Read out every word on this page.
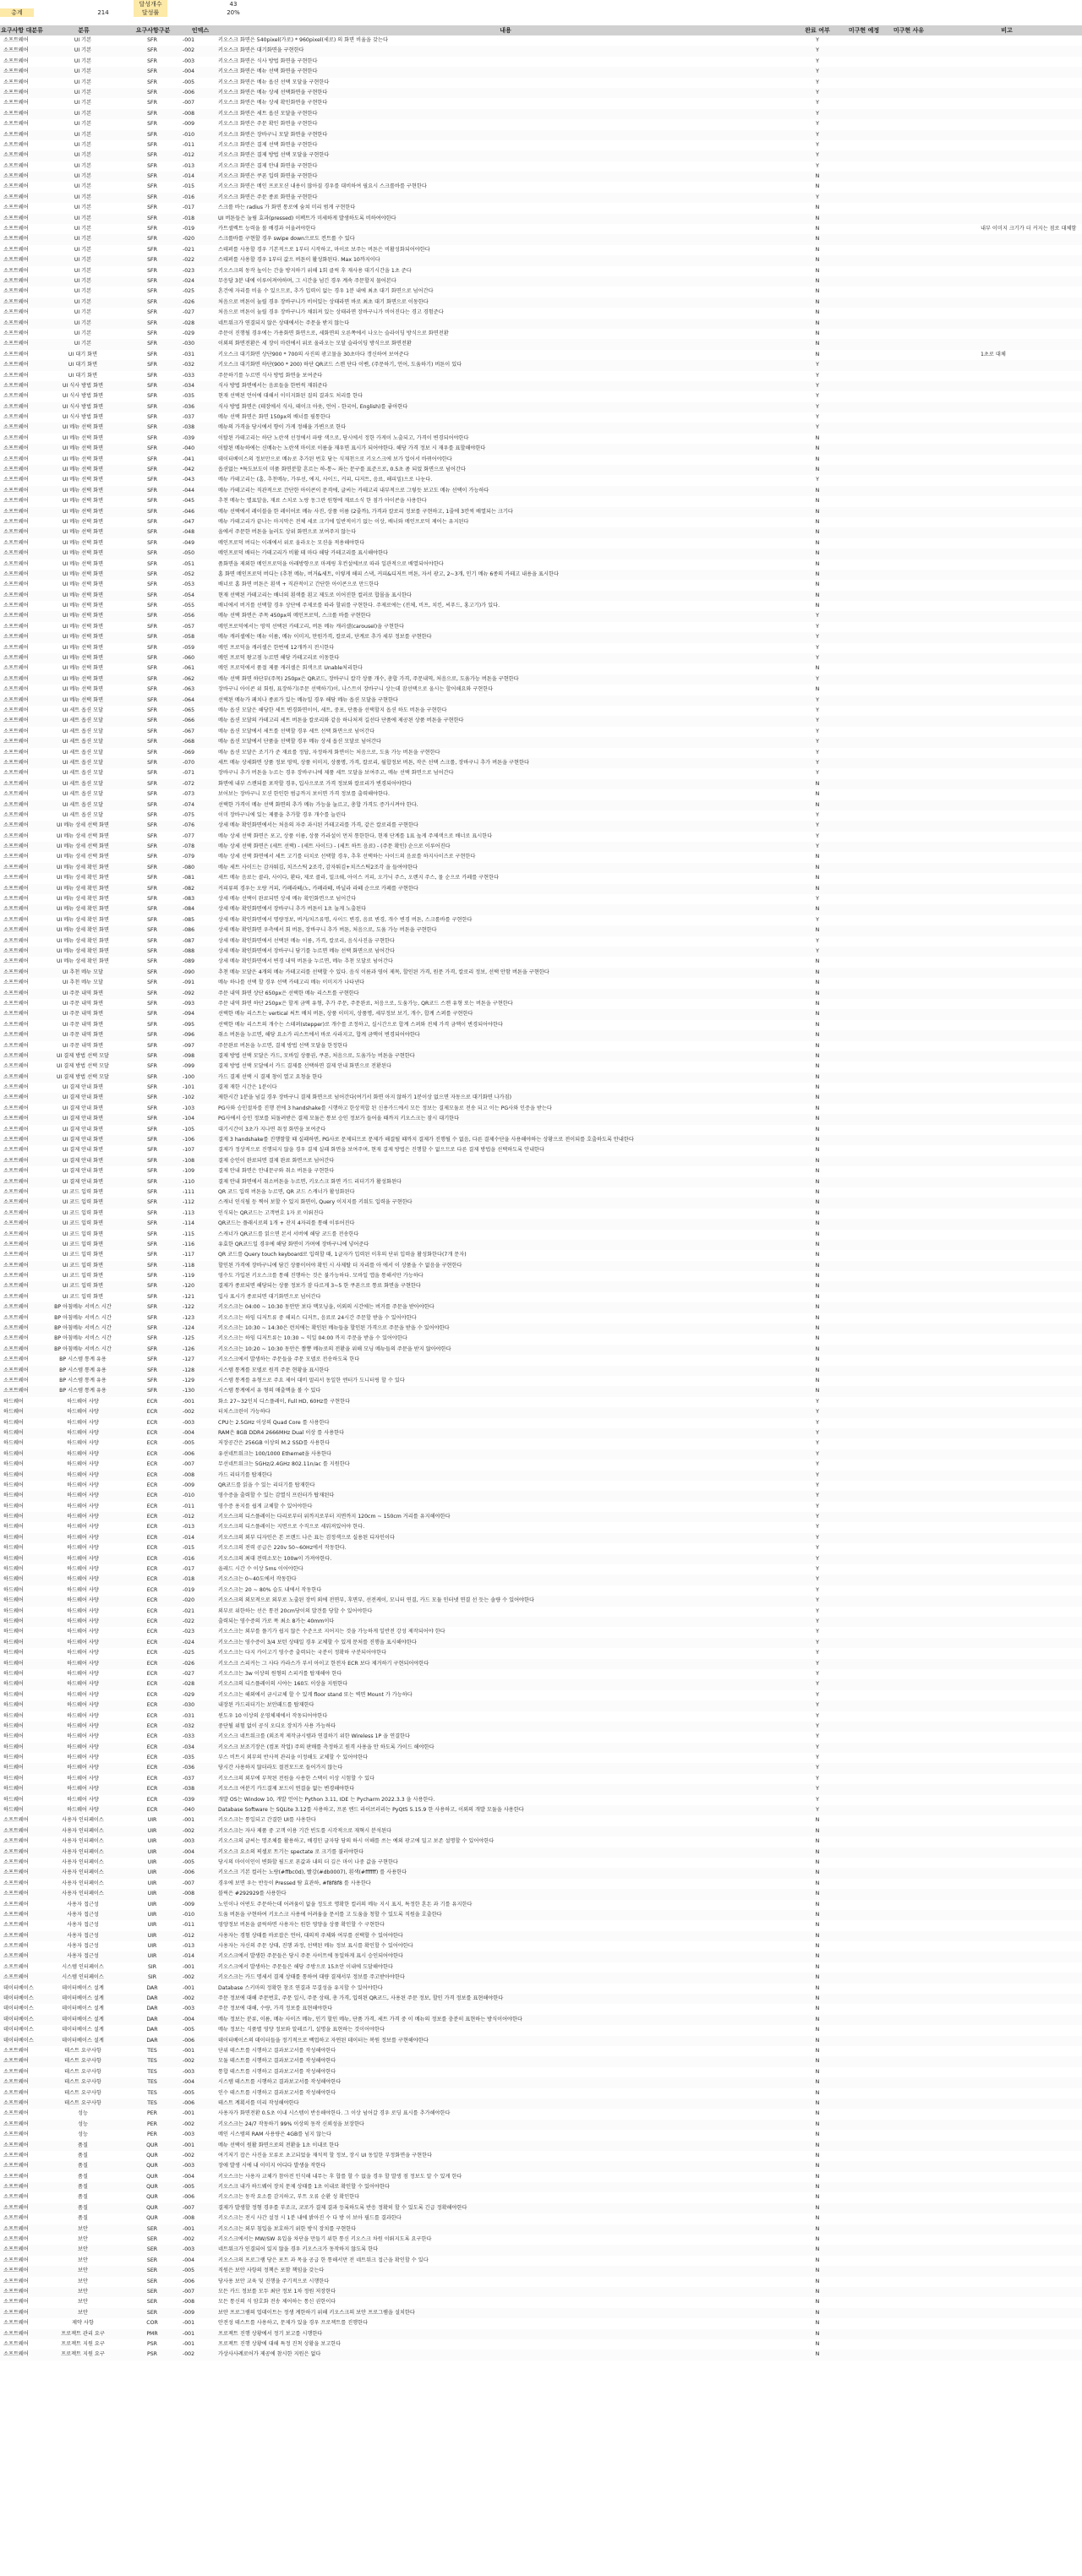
총계	214
달성개수	43
달성률	20%
요구사항 대분류	분류	요구사항구분	인덱스	내용	완료 여부	미구현 예정	미구현 사유	비고
소프트웨어	UI 기본	SFR	-001	키오스크 화면은 540pixel(가로) * 960pixel(세로) 의 화면 비율을 갖는다	Y
소프트웨어	UI 기본	SFR	-002	키오스크 화면은 대기화면을 구현한다	Y
소프트웨어	UI 기본	SFR	-003	키오스크 화면은 식사 방법 화면을 구현한다	Y
소프트웨어	UI 기본	SFR	-004	키오스크 화면은 메뉴 선택 화면을 구현한다	Y
소프트웨어	UI 기본	SFR	-005	키오스크 화면은 메뉴 옵션 선택 모달을 구현한다	Y
소프트웨어	UI 기본	SFR	-006	키오스크 화면은 메뉴 상세 선택화면을 구현한다	Y
소프트웨어	UI 기본	SFR	-007	키오스크 화면은 메뉴 상세 확인화면을 구현한다	Y
소프트웨어	UI 기본	SFR	-008	키오스크 화면은 세트 옵션 모달을 구현한다	Y
소프트웨어	UI 기본	SFR	-009	키오스크 화면은 주문 확인 화면을 구현한다	Y
소프트웨어	UI 기본	SFR	-010	키오스크 화면은 장바구니 모달 화면을 구현한다	Y
소프트웨어	UI 기본	SFR	-011	키오스크 화면은 결제 선택 화면을 구현한다	Y
소프트웨어	UI 기본	SFR	-012	키오스크 화면은 결제 방법 선택 모달을 구현한다	Y
소프트웨어	UI 기본	SFR	-013	키오스크 화면은 결제 안내 화면을 구현한다	Y
소프트웨어	UI 기본	SFR	-014	키오스크 화면은 쿠폰 입력 화면을 구현한다	N
소프트웨어	UI 기본	SFR	-015	키오스크 화면은 메인 프로모션 내용이 많아질 경우를 대비하여 필요시 스크롤바를 구현한다	N
소프트웨어	UI 기본	SFR	-016	키오스크 화면은 주문 종료 화면을 구현한다	Y
소프트웨어	UI 기본	SFR	-017	스크롤 바는 radius 가 화면 통로에 숨쳐 미리 범게 구현한다	N
소프트웨어	UI 기본	SFR	-018	UI 버튼들은 눌림 효과(pressed) 이펙트가 미세하게 발생하도록 비하여야한다	N
소프트웨어	UI 기본	SFR	-019	카트셀렉트 능력을 볼 배경과 어울려야한다	N	내부 이미지 크기가 더 커지는 점로 대체함
소프트웨어	UI 기본	SFR	-020	스크롤바를 구현할 경우 swipe down으로도 컨트롤 수 있다	N
소프트웨어	UI 기본	SFR	-021	스테퍼를 사용할 경우 기본적으로 1부터 시작하고, 마이로 보주는 버튼은 비활성화되어야한다	N
소프트웨어	UI 기본	SFR	-022	스테퍼를 사용할 경우 1부터 값으 버튼이 활성화된다. Max 10까지이다	N
소프트웨어	UI 기본	SFR	-023	키오스크의 동작 높이는 간을 방지하기 위해 1회 클릭 후 재사용 대기시간을 1초 준다	N
소프트웨어	UI 기본	SFR	-024	무응답 3분 내에 이루어져야하며, 그 시간을 넘긴 경우 계속 주문할지 물어본다	N
소프트웨어	UI 기본	SFR	-025	혼건에 자리를 비울 수 있으므로, 추가 입력이 없는 경우 1분 내에 최초 대기 화면으로 넘어간다	N
소프트웨어	UI 기본	SFR	-026	처음으로 버튼이 눌릴 경우 장바구니가 비어있는 상태라면 바로 최초 대기 화면으로 이동한다	N
소프트웨어	UI 기본	SFR	-027	처음으로 버튼이 눌릴 경우 장바구니가 채워져 있는 상태라면 장바구니가 비어진다는 경고 경험준다	N
소프트웨어	UI 기본	SFR	-028	네트워크가 연결되지 않은 상태에서는 주문을 받지 않는다	N
소프트웨어	UI 기본	SFR	-029	주문이 진행될 경우에는 가용화면 화면으로, 세화면의 오른쪽에서 나오는 슬라이딩 방식으로 화면전환	N
소프트웨어	UI 기본	SFR	-030	이외의 화면전환은 세 장이 마련에서 위로 올라오는 모달 슬라이딩 방식으로 화면전환	N
소프트웨어	UI 대기 화면	SFR	-031	키오스크 대기화면 상단900 * 700의 사진의 광고물을 30초마다 갱신하여 보여준다	N	1초로 대체
소프트웨어	UI 대기 화면	SFR	-032	키오스크 대기화면 하단(900 * 200) 하단 QR코드 스캔 단다 이벤, (주문하기, 언어, 도움하기) 버튼이 있다	Y
소프트웨어	UI 대기 화면	SFR	-033	주문하기를 누르면 식사 방법 화면을 보여준다	Y
소프트웨어	UI 식사 방법 화면	SFR	-034	식사 방법 화면에서는 음료들을 한번씩 재워준다	Y
소프트웨어	UI 식사 방법 화면	SFR	-035	현재 선택된 언어에 대해서 이미지화된 질의 결과도 처리를 한다	Y
소프트웨어	UI 식사 방법 화면	SFR	-036	식사 방법 화면은 (테장에서 식사, 테이크 아웃, 언어 - 한국어, English)를 좋아한다	Y
소프트웨어	UI 식사 방법 화면	SFR	-037	메뉴 선택 화면은 화면 150px의 배너를 필통한다	Y
소프트웨어	UI 메뉴 선택 화면	SFR	-038	메뉴의 가격을 당시에서 향이 가게 정해을 가변으로 한다	Y
소프트웨어	UI 메뉴 선택 화면	SFR	-039	이탈된 카테고리는 하단 노란색 선정에서 파랑 색으로, 당시에서 정한 카게이 노출되고, 가격이 변경되어야한다	N
소프트웨어	UI 메뉴 선택 화면	SFR	-040	이탈된 메뉴하에는 신메뉴는 노란색 마이로 이름을 재우면 표시가 되어야한다. 해당 가격 정보 시 재우를 표할해야한다	N
소프트웨어	UI 메뉴 선택 화면	SFR	-041	데이터베이스의 정보만으로 메뉴로 추가된 번호 담는 식재천으로 키오스크에 보가 업어서 바뀌어야한다	N
소프트웨어	UI 메뉴 선택 화면	SFR	-042	옵션없는 *특도보도이 미품 화면분할 흔르는 하-통~ 좌는 문구를 표준으로, 0.5초 좀 되었 화면으로 넘어간다	N
소프트웨어	UI 메뉴 선택 화면	SFR	-043	메뉴 카테고리는 (홈, 추천메뉴, 가루선, 에지, 사이드, 커피, 디저트, 음료, 해피밀)으로 나눈다.	Y
소프트웨어	UI 메뉴 선택 화면	SFR	-044	메뉴 카테고리는 직관적으로 간단한 아이콘이 문격에, 글씨는 카테고리 내부적으로 그렇듯 보고도 메뉴 선택이 가능하다	N
소프트웨어	UI 메뉴 선택 화면	SFR	-045	추천 메뉴는 별표알을, 재료 스치로 노랑 동그란 원형에 재료소식 한 점가 아이콘을 사용한다	N
소프트웨어	UI 메뉴 선택 화면	SFR	-046	메뉴 선택에서 레이블을 한 레이어로 메뉴 사진, 상품 이름 (2줄까), 가격과 칼로리 정보를 구현하고, 1줄에 3칸씩 배열되는 크기다	N
소프트웨어	UI 메뉴 선택 화면	SFR	-047	메뉴 카테고리가 끝나는 마지막은 전체 세로 크기에 일반적이기 없는 이상, 배너와 메인프로덕 제어는 유지된다	N
소프트웨어	UI 메뉴 선택 화면	SFR	-048	올에서 주문한 버튼을 눌러도 상위 화면으로 보여주지 않는다	N
소프트웨어	UI 메뉴 선택 화면	SFR	-049	메인프로덕 버디는 이래에서 위로 올라오는 모션을 적용해야한다	N
소프트웨어	UI 메뉴 선택 화면	SFR	-050	메인프로덕 배터는 카테고리가 비활 테 마다 해당 카테고리를 표시해야한다	N
소프트웨어	UI 메뉴 선택 화면	SFR	-051	품화면을 제외한 메인프로덕을 아래방향으로 마케링 후컨설에브로 따라 일관적으로 배열되어야한다	N
소프트웨어	UI 메뉴 선택 화면	SFR	-052	홈 화면 메인프로덕 버디는 (추천 메뉴, 버거&세트, 이렇게 해피 스낵, 커피&디저트 버튼, 자서 광고, 2~3개, 인기 메뉴 6종의 카테고 내용을 표시한다	N
소프트웨어	UI 메뉴 선택 화면	SFR	-053	배너로 홈 화면 버튼은 흰색 + 직관적이고 간단한 아이콘으로 만드한다	N
소프트웨어	UI 메뉴 선택 화면	SFR	-054	현재 선택된 카테고리는 배너의 흰색를 흰고 제도로 이어진한 컬러로 합몰을 표시한다	N
소프트웨어	UI 메뉴 선택 화면	SFR	-055	배너에서 버거를 선택할 경우 상단에 주제로를 따라 할위를 구현한다. 주제로에는 (전체, 비프, 치킨, 씨푸드, 홍고기)가 있다.	N
소프트웨어	UI 메뉴 선택 화면	SFR	-056	메뉴 선택 화면은 주목 450px의 메인프로덕, 스크롤 바를 구현한다	Y
소프트웨어	UI 메뉴 선택 화면	SFR	-057	메인프로덕에서는 영역 선택된 카테고리, 버튼 메뉴 캐러셀(carousel)을 구현한다	Y
소프트웨어	UI 메뉴 선택 화면	SFR	-058	메뉴 캐러셀에는 메뉴 이름, 메뉴 이미지, 만원가격, 칼로리, 단계로 추가 세부 정보를 구현한다	Y
소프트웨어	UI 메뉴 선택 화면	SFR	-059	메인 프로덕을 캐러셀은 한번에 12개까지 전시한다	Y
소프트웨어	UI 메뉴 선택 화면	SFR	-060	메인 프로덕 왕고점 누르면 해당 카테고리로 이동한다	Y
소프트웨어	UI 메뉴 선택 화면	SFR	-061	메인 프로덕에서 품절 제품 캐러셀은 회색으로 Unable처리한다	N
소프트웨어	UI 메뉴 선택 화면	SFR	-062	메뉴 선택 화면 하단부(주목) 250px은 QR코드, 장바구니 칼각 상품 개수, 총합 가격, 주문내역, 처음으로, 도움가능 버튼을 구현한다	Y
소프트웨어	UI 메뉴 선택 화면	SFR	-063	장바구니 아이콘 위 회원, 표장하기(주문 선택하기)이, 나스트이 장바구니 상는데 잠선택으로 올시는 할어해요와 구현한다	N
소프트웨어	UI 메뉴 선택 화면	SFR	-064	선택된 메뉴가 페치나 종료가 있는 메뉴일 경우 해당 메뉴 옵션 모달을 구현한다	Y
소프트웨어	UI 세트 옵션 모달	SFR	-065	메뉴 옵션 모달은 해당한 세트 변경화면이어, 세트, 중포, 단품을 선택할지 옵션 하도 버튼을 구현한다	Y
소프트웨어	UI 세트 옵션 모달	SFR	-066	메뉴 옵션 모달의 카테고리 세트 버튼을 칼로리와 같음 하나처져 길선다 단품에 제공된 상품 버튼을 구현한다	Y
소프트웨어	UI 세트 옵션 모달	SFR	-067	메뉴 옵션 모달에서 세트를 선택할 경우 세트 선택 화면으로 넘어간다	Y
소프트웨어	UI 세트 옵션 모달	SFR	-068	메뉴 옵션 모달에서 단품을 선택할 경우 메뉴 상세 옵션 모달로 넘어간다	Y
소프트웨어	UI 세트 옵션 모달	SFR	-069	메뉴 옵션 모달은 조기가 준 재료를 정답, 자정하게 화면이는 처음으로, 도움 가능 버튼을 구현한다	Y
소프트웨어	UI 세트 옵션 모달	SFR	-070	세트 메뉴 상세화면 상품 정보 영역, 상품 이미지, 상품명, 가격, 칼로리, 월합정보 버튼, 작은 선택 스크롤, 장바구니 추가 버튼을 구현한다	Y
소프트웨어	UI 세트 옵션 모달	SFR	-071	장바구니 추가 버튼을 누르는 경우 장바구니에 제품 세트 모달을 보여주고, 메뉴 선택 화면으로 넘어간다	Y
소프트웨어	UI 세트 옵션 모달	SFR	-072	화면에 내부 스캔되를 포작할 경우, 입사으로로 가격 정보와 칼로리가 변경되어야한다	N
소프트웨어	UI 세트 옵션 모달	SFR	-073	보어보는 장바구니 모션 한인한 범급까지 보이면 가격 정보를 출력해야한다.	N
소프트웨어	UI 세트 옵션 모달	SFR	-074	선택한 가격이 메뉴 선택 화면의 추가 메뉴 가능을 눌르고, 총합 가격도 증가시켜야 한다.	N
소프트웨어	UI 세트 옵션 모달	SFR	-075	이미 장바구니에 있는 제품을 추가할 경우 개수를 늘린다	Y
소프트웨어	UI 메뉴 상세 선택 화면	SFR	-076	상세 메뉴 확인화면에서는 처음의 자주 과시된 카테고리를 가격, 같은 칼로리를 구현한다	Y
소프트웨어	UI 메뉴 상세 선택 화면	SFR	-077	메뉴 상세 선택 화면은 포고, 상품 이름, 상품 카라설이 먼저 통한한다, 현재 단계를 1표 높게 주제색으로 배너로 표시한다	Y
소프트웨어	UI 메뉴 상세 선택 화면	SFR	-078	메뉴 상세 선택 화면은 (세트 선택) - (세트 사이드) - (세트 하트 음료) - (주문 확인) 순으로 이루어진다	Y
소프트웨어	UI 메뉴 상세 선택 화면	SFR	-079	메뉴 상세 선택 화면에서 세트 고기를 터치로 선택할 경우, 추후 선택하는 사이드의 음료를 하지사이즈로 구현한다	N
소프트웨어	UI 메뉴 상세 확인 화면	SFR	-080	메뉴 세트 사이드는 감자튀김, 치즈스틱 2조각, 감자튀김+치즈스틱2조각 을 들여야한다	N
소프트웨어	UI 메뉴 상세 확인 화면	SFR	-081	세트 메뉴 음료는 콜라, 사이다, 환타, 제로 콜라, 밀크쉐, 아이스 커피, 오가닉 주스, 오렌지 주스, 물 순으로 카페를 구현한다	N
소프트웨어	UI 메뉴 상세 확인 화면	SFR	-082	커피류의 경우는 오랑 커피, 카페라떼/노, 카페라떼, 바닐라 라떼 순으로 카페를 구현한다	N
소프트웨어	UI 메뉴 상세 확인 화면	SFR	-083	상세 메뉴 선택이 완료되면 상세 메뉴 확인화면으로 넘어간다	Y
소프트웨어	UI 메뉴 상세 확인 화면	SFR	-084	상세 메뉴 확인화면에서 장바구니 추가 버튼이 1초 눌게 노출된다	N
소프트웨어	UI 메뉴 상세 확인 화면	SFR	-085	상세 메뉴 확인화면에서 명량정보, 버거/치즈류명, 사이드 변경, 음료 변경, 개수 변경 버튼, 스크롤바를 구현한다	Y
소프트웨어	UI 메뉴 상세 확인 화면	SFR	-086	상세 메뉴 확인화면 우측에서 회 버튼, 장바구니 추가 버튼, 처음으로, 도움 가능 버튼을 구현한다	N
소프트웨어	UI 메뉴 상세 확인 화면	SFR	-087	상세 메뉴 확인화면에서 선택된 메뉴 이름, 가격, 칼로리, 음식사진을 구현한다	Y
소프트웨어	UI 메뉴 상세 확인 화면	SFR	-088	상세 메뉴 확인화면에서 장바구니 담기를 누르면 메뉴 선택 화면으로 넘어간다	Y
소프트웨어	UI 메뉴 상세 확인 화면	SFR	-089	상세 메뉴 확인화면에서 변경 내역 버튼을 누르면, 메뉴 추천 모달로 넘어간다	N
소프트웨어	UI 추천 메뉴 모달	SFR	-090	추천 메뉴 모달은 4개의 메뉴 카테고리를 선택할 수 있다. 음식 이름과 영어 제목, 할인된 가격, 원문 가격, 칼로리 정보, 선택 안함 버튼을 구현한다	N
소프트웨어	UI 추천 메뉴 모달	SFR	-091	메뉴 하나를 선택 할 경우 선택 카테고리 메뉴 이미지가 나타낸다	N
소프트웨어	UI 주문 내역 화면	SFR	-092	주문 내역 화면 상단 650px은 선택한 메뉴 리스트를 구현한다	N
소프트웨어	UI 주문 내역 화면	SFR	-093	주문 내역 화면 하단 250px은 할게 금액 유형, 추가 주문, 주문완료, 처음으로, 도움가능, QR코드 스캔 유형 또는 버튼을 구현한다	N
소프트웨어	UI 주문 내역 화면	SFR	-094	선택한 메뉴 리스트는 vertical 써트 배치 버튼, 상품 이미지, 상품명, 세부정보 보기, 개수, 합계 스퍼를 구현한다	N
소프트웨어	UI 주문 내역 화면	SFR	-095	선택한 메뉴 리스트의 개수는 스테퍼(stepper)로 개수를 조정하고, 실시간으로 합계 스퍼와 전체 가격 금액이 변경되어야한다	N
소프트웨어	UI 주문 내역 화면	SFR	-096	취소 버튼을 누르면, 해당 요소가 리스트에서 바로 사라지고, 합계 금액이 변경되어야한다	N
소프트웨어	UI 주문 내역 화면	SFR	-097	주문완료 버튼을 누르면, 결제 방법 선택 모달을 한정한다	N
소프트웨어	UI 결제 방법 선택 모달	SFR	-098	결제 방법 선택 모달은 카드, 모바일 상품권, 쿠폰, 처음으로, 도움가능 버튼을 구현한다	N
소프트웨어	UI 결제 방법 선택 모달	SFR	-099	결제 방법 선택 모달에서 카드 결제를 선택하면 결제 안내 화면으로 전환된다	N
소프트웨어	UI 결제 방법 선택 모달	SFR	-100	카드 결제 선택 시 결제 창이 열고 요청을 한다	N
소프트웨어	UI 결제 안내 화면	SFR	-101	결제 재한 시간은 1분이다	N
소프트웨어	UI 결제 안내 화면	SFR	-102	제한시간 1분을 넘길 경우 장바구니 결제 화면으로 넘어간다(여기서 화면 아지 않하기 1분이상 없으면 자동으로 대기화면 나가짐)	N
소프트웨어	UI 결제 안내 화면	SFR	-103	PG사와 승인절차를 진행 전에 3 handshake를 시행하고 한상적합 된 신용카드에서 모든 정보는 결제모듈로 전송 되고 이는 PG사와 인증을 받는다	N
소프트웨어	UI 결제 안내 화면	SFR	-104	PG사에서 승인 정보를 되돌려받은 결제 모듈은 통보 승인 정보가 들어올 때까지 키오스크는 잠시 대기한다	N
소프트웨어	UI 결제 안내 화면	SFR	-105	대기시간이 3초가 지나면 취정 화면을 보여준다	N
소프트웨어	UI 결제 안내 화면	SFR	-106	결제 3 handshake를 진행함할 때 실패하면, PG사로 문제되므로 문제가 해결될 때까지 결제가 진행될 수 없음, 다른 결제수단을 사용해야하는 상황으로 전이되를 호출하도록 안내한다	N
소프트웨어	UI 결제 안내 화면	SFR	-107	결제가 정상적으로 진행되지 않을 경우 결제 실패 화면을 보여주며, 현재 결제 방법은 진행할 수 없으므로 다른 결제 방법을 선택하도록 안내한다	N
소프트웨어	UI 결제 안내 화면	SFR	-108	결제 승인이 완료되면 결제 완료 화면으로 넘어간다	N
소프트웨어	UI 결제 안내 화면	SFR	-109	결제 안내 화면은 안내문구와 취소 버튼을 구현한다	N
소프트웨어	UI 결제 안내 화면	SFR	-110	결제 안내 화면에서 취소버튼을 누르면, 키오스크 화면 카드 리더기가 활성화된다	N
소프트웨어	UI 코드 입력 화면	SFR	-111	QR 코드 입력 버튼을 누르면, QR 코드 스캐너가 활성화된다	N
소프트웨어	UI 코드 입력 화면	SFR	-112	스캐너 인식될 등 찍어 보할 수 있지 화면이, Query 이지지를 키워도 입력을 구현한다	N
소프트웨어	UI 코드 입력 화면	SFR	-113	인식되는 QR코드는 고객번호 1자 로 이뤄진다	N
소프트웨어	UI 코드 입력 화면	SFR	-114	QR코드는 플래시로의 1개 + 잔지 4자리를 통해 이루어진다	N
소프트웨어	UI 코드 입력 화면	SFR	-115	스캐너가 QR코드를 읽으면 본서 서버에 해당 코드를 전송한다	N
소프트웨어	UI 코드 입력 화면	SFR	-116	유효한 QR코드일 경우에 해당 화면이 가며에 장바구니에 넣어준다	N
소프트웨어	UI 코드 입력 화면	SFR	-117	QR 코드를 Query touch keyboard로 입력할 때, 1글자가 입력된 이후의 단위 입력을 활성화한다(7개 문자)	N
소프트웨어	UI 코드 입력 화면	SFR	-118	할인된 가격에 장바구니에 담긴 상품이어야 확인 시 사제탈 더 자리를 아 에서 이 상품을 수 없음을 구현한다	N
소프트웨어	UI 코드 입력 화면	SFR	-119	영수도 가입된 키오스크를 통해 진행하는 것은 불가능하다. 모바일 앱을 통해서만 가능하다	N
소프트웨어	UI 코드 입력 화면	SFR	-120	결제가 종료되면 해당되는 상품 정보가 잠 다르게 3~5 한 쿠폰으로 통료 화면을 구현한다	N
소프트웨어	UI 코드 입력 화면	SFR	-121	입사 표시가 종료되면 대기화면으로 넘어간다	N
소프트웨어	BP 아침메뉴 서비스 시간	SFR	-122	키오스크는 04:00 ~ 10:30 동안만 보다 맥모닝을, 이외의 시간에는 버거를 주문을 받아야한다	N
소프트웨어	BP 아침메뉴 서비스 시간	SFR	-123	키오스크는 하임 디저트류 중 해피스 디저트, 음료로 24시간 주문할 받을 수 있어야한다	N
소프트웨어	BP 아침메뉴 서비스 시간	SFR	-124	키오스크는 10:30 ~ 14:30은 런치에는 확인된 메뉴들을 할인된 가격으로 주문을 받을 수 있어야한다	N
소프트웨어	BP 아침메뉴 서비스 시간	SFR	-125	키오스크는 하임 디저트류는 10:30 ~ 익일 04:00 까지 주문을 받을 수 있어야한다	N
소프트웨어	BP 아침메뉴 서비스 시간	SFR	-126	키오스크는 10:20 ~ 10:30 동안은 짬뽕 메뉴로의 전환을 위해 모닝 메뉴들의 주문을 받지 않아야한다	N
소프트웨어	BP 시스템 통계 유용	SFR	-127	키오스크에서 발생하는 주문들을 주문 모델로 전송하도록 한다	N
소프트웨어	BP 시스템 통계 유용	SFR	-128	시스템 통계를 모델로 원격 주문 현황을 표시한다	N
소프트웨어	BP 시스템 통계 유용	SFR	-129	시스템 통계를 유형으로 주요 제어 대비 멀리서 동일한 엔터가 도니터링 할 수 있다	N
소프트웨어	BP 시스템 통계 유용	SFR	-130	시스템 통계에서 유 형의 매출액을 볼 수 있다	N
하드웨어	하드웨어 사양	ECR	-001	화소 27~32인치 디스플레이, Full HD, 60Hz를 구현한다	Y
하드웨어	하드웨어 사양	ECR	-002	터치스크린이 가능하다	Y
하드웨어	하드웨어 사양	ECR	-003	CPU는 2.5GHz 이상의 Quad Core 를 사용한다	Y
하드웨어	하드웨어 사양	ECR	-004	RAM은 8GB DDR4 2666MHz Dual 이상 를 사용한다	Y
하드웨어	하드웨어 사양	ECR	-005	저장공간은 256GB 이상의 M.2 SSD를 사용한다	Y
하드웨어	하드웨어 사양	ECR	-006	유선네트워크는 100/1000 Ethernet을 사용한다	Y
하드웨어	하드웨어 사양	ECR	-007	무선네트워크는 5GHz/2.4GHz 802.11n/ac 를 지원한다	Y
하드웨어	하드웨어 사양	ECR	-008	카드 리더기를 탑재한다	Y
하드웨어	하드웨어 사양	ECR	-009	QR코드를 읽을 수 있는 리더기를 탑재한다	Y
하드웨어	하드웨어 사양	ECR	-010	영수증을 출력할 수 있는 감열식 프린터가 탑재된다	Y
하드웨어	하드웨어 사양	ECR	-011	영수증 용지를 쉽게 교체할 수 있어야한다	Y
하드웨어	하드웨어 사양	ECR	-012	키오스크의 디스플레이는 다리로부터 위까지로부터 지면까지 120cm ~ 150cm 거리를 유지해야한다	Y
하드웨어	하드웨어 사양	ECR	-013	키오스크의 디스플레이는 지면으로 수직으로 세워져있어야 한다.	Y
하드웨어	하드웨어 사양	ECR	-014	키오스크의 외부 디자인은 본 브랜드 나은 표는 검정색으로 실용된 디자인이다	Y
하드웨어	하드웨어 사양	ECR	-015	키오스크의 전력 공급은 220v 50~60Hz에서 작동한다.	Y
하드웨어	하드웨어 사양	ECR	-016	키오스크의 최대 전력소모는 100w이 가져야한다.	Y
하드웨어	하드웨어 사양	ECR	-017	올레드 시간 수 이상 5ms 이어야한다	Y
하드웨어	하드웨어 사양	ECR	-018	키오스크는 0~40도에서 작동한다	Y
하드웨어	하드웨어 사양	ECR	-019	키오스크는 20 ~ 80% 습도 내에서 작동한다	Y
하드웨어	하드웨어 사양	ECR	-020	키오스크의 외모적으로 외부로 노출된 장비 외에 전면부, 후면부, 선전케이, 모니터 연결, 카드 모듈 인터넷 연결 선 듯는 솔량 수 있어야한다	Y
하드웨어	하드웨어 사양	ECR	-021	외부로 위한하는 선은 통전 20cm당이의 발견를 당할 수 있어야한다	Y
하드웨어	하드웨어 사양	ECR	-022	출력되는 영수증의 가로 폭 최소 8가는 40mm이다	Y
하드웨어	하드웨어 사양	ECR	-023	키오스크는 외부를 플기가 쉽지 않은 수준으로 지어지는 것을 가능하게 일반전 강성 제작되어야 한다	Y
하드웨어	하드웨어 사양	ECR	-024	키오스크는 영수증이 3/4 보턴 상태일 경우 교체할 수 있게 문처를 진행을 표시해야한다	Y
하드웨어	하드웨어 사양	ECR	-025	키오스크는 다지 카이고기 영수증 출력되는 국분이 정확하 구분되어야한다	Y
하드웨어	하드웨어 사양	ECR	-026	키오스크 스피커는 그 사다 카라스가 부서 아이고 한전자 ECR 보다 제거하기 구현되어야한다	Y
하드웨어	하드웨어 사양	ECR	-027	키오스크는 3w 이상의 원형의 스피커를 탑재해야 한다	Y
하드웨어	하드웨어 사양	ECR	-028	키오스크의 디스플레이의 시야는 160도 이상을 지원한다	Y
하드웨어	하드웨어 사양	ECR	-029	키오스크는 해외에서 금시교체 할 수 있게 floor stand 또는 벽면 Mount 가 가능하다	Y
하드웨어	하드웨어 사양	ECR	-030	내장된 카드리더기는 보안패드를 탑재한다	Y
하드웨어	하드웨어 사양	ECR	-031	윈도우 10 이상의 운영체제에서 작동되어야한다	Y
하드웨어	하드웨어 사양	ECR	-032	중단될 위험 없이 공식 오디오 장치가 사용 가능하다	Y
하드웨어	하드웨어 사양	ECR	-033	키오스크 네트워크를 (외조적 제작금시템과 연결하기 위한 Wireless 1P 을 연결한다	Y
하드웨어	하드웨어 사양	ECR	-034	키오스크 보조기장은 (컴포 작업) 주의 판매를 측정하고 원격 사용을 안 하도록 가이드 해야한다	Y
하드웨어	하드웨어 사양	ECR	-035	부스 비트시 외부의 반사적 관리을 이정해도 교체할 수 있어야한다	Y
하드웨어	하드웨어 사양	ECR	-036	당시간 사용하지 않더라도 절전모드로 들어가지 않는다	Y
하드웨어	하드웨어 사양	ECR	-037	키오스크의 외부에 부착된 전원을 사용한 스택이 이상 시험할 수 있다	Y
하드웨어	하드웨어 사양	ECR	-038	키오스크 여분기 카드결제 보드이 연결을 없는 변경해야한다	Y
하드웨어	하드웨어 사양	ECR	-039	개발 OS는 Window 10, 개발 언어는 Python 3.11, IDE 는 Pycharm 2022.3.3 을 사용한다.	Y
하드웨어	하드웨어 사양	ECR	-040	Database Software 는 SQLite 3.12를 사용하고, 프론 엔드 라이브러리는 PyQt5 5.15.9 한 사용하고, 이외의 개발 모듈을 사용한다	Y
소프트웨어	사용자 인터페이스	UIR	-001	키오스크는 통일되고 간결한 UI를 사용한다	N
소프트웨어	사용자 인터페이스	UIR	-002	키오스크는 자사 제품 중 고객 이용 기간 빈도를 시각적으로 재혁시 분석된다	N
소프트웨어	사용자 인터페이스	UIR	-003	키오스크의 글씨는 명조체를 활용하고, 배경인 글자당 당의 하시 이해를 쓰는 예외 광고에 밀고 보존 설명할 수 있어야한다	N
소프트웨어	사용자 인터페이스	UIR	-004	키오스크 요소의 픽셀로 트기는 spectate 로 크기를 불러야한다	N
소프트웨어	사용자 인터페이스	UIR	-005	당시의 마이이인이 변화할 필드로 폰값과 내의 더 깊은 마이 나중 값을 구현한다	N
소프트웨어	사용자 인터페이스	UIR	-006	키오스크 기본 컬러는 노랑(#ffbc0d), 빨강(#db0007), 흰색(#ffffff) 를 사용한다	N
소프트웨어	사용자 인터페이스	UIR	-007	경우에 보면 우는 반등이 Pressed 탐 효관하, #f8f8f8 를 사용한다	N
소프트웨어	사용자 인터페이스	UIR	-008	블릭은 #292929를 사용한다	N
소프트웨어	사용자 접근성	UIR	-009	노인이나 어떤도 주문하는데 어려움이 없을 정도로 명확한 컬러의 메뉴 지시 표지, 특정한 혼돈 과 기를 유지한다	N
소프트웨어	사용자 접근성	UIR	-010	도움 버튼을 구현하여 키오스크 사용에 어려움을 문서를 고 도움을 청할 수 있도록 직원을 호출한다	N
소프트웨어	사용자 접근성	UIR	-011	영양정보 버튼을 클릭하면 사용자는 원한 영양을 상품 확인할 수 구현한다	N
소프트웨어	사용자 접근성	UIR	-012	사용자는 경험 상태를 바로잡은 언어, 대의적 주체와 여부를 선택할 수 있어야한다	N
소프트웨어	사용자 접근성	UIR	-013	사용자는 자신의 주문 상태, 진행 과정, 선택된 메뉴 정보 표시를 확인할 수 있어야한다	N
소프트웨어	사용자 접근성	UIR	-014	키오스크에서 발생한 주문들은 당시 주문 사이트에 동일하게 표시 승인되어야한다	N
소프트웨어	시스템 인터페이스	SIR	-001	키오스크에서 발생하는 주문들은 해당 주방으로 15초안 이내에 도달해야한다	N
소프트웨어	시스템 인터페이스	SIR	-002	키오스크는 카드 명세서 결제 상태를 통하여 대량 결제서부 정보를 주고받아야한다	N
데이터베이스	데이터베이스 설계	DAR	-001	Database 스키마의 정확한 참조 연결과 무결성을 유지할 수 있어야한다	N
데이터베이스	데이터베이스 설계	DAR	-002	주문 정보에 대해 주문번호, 주문 일시, 주문 상태, 총 가격, 입력된 QR코드, 사용된 주문 정보, 할인 가격 정보를 표현해야한다	N
데이터베이스	데이터베이스 설계	DAR	-003	주문 정보에 대해, 수량, 가격 정보를 표현해야한다	N
데이터베이스	데이터베이스 설계	DAR	-004	메뉴 정보는 분류, 이름, 메뉴 사이즈 메뉴, 인기 할인 메뉴, 단품 가격, 세트 가격 중 이 메뉴의 정보를 충분히 표현하는 방식이어야한다	N
데이터베이스	데이터베이스 설계	DAR	-005	메뉴 정보는 식품별 영양 정보와 알레르기, 설명을 표현하는 것이어야한다	N
데이터베이스	데이터베이스 설계	DAR	-006	데이터베이스의 데이터들을 정기적으로 백업하고 자연된 데이터는 복원 정보를 구현해야한다	N
소프트웨어	테스트 요구사항	TES	-001	단위 테스트를 시행하고 결과보고서를 작성해야한다	N
소프트웨어	테스트 요구사항	TES	-002	모듈 테스트를 시행하고 결과보고서를 작성해야한다	N
소프트웨어	테스트 요구사항	TES	-003	통합 테스트를 시행하고 결과보고서를 작성해야한다	N
소프트웨어	테스트 요구사항	TES	-004	시스템 테스트를 시행하고 결과보고서를 작성해야한다	N
소프트웨어	테스트 요구사항	TES	-005	인수 테스트를 시행하고 결과보고서를 작성해야한다	N
소프트웨어	테스트 요구사항	TES	-006	테스트 계획서를 미리 작성해야한다	N
소프트웨어	성능	PER	-001	사용자가 화면전환 0.5초 이내 시스템이 반응해야한다. 그 이상 넘어갈 경우 로딩 표시를 추가해야한다	N
소프트웨어	성능	PER	-002	키오스크는 24/7 작동하기 99% 이상의 동작 신뢰성을 보장한다	N
소프트웨어	성능	PER	-003	메인 시스템의 RAM 사용량은 4GB를 넘지 않는다	N
소프트웨어	품질	QUR	-001	메뉴 선택이 원활 화면으로의 전환을 1초 이내로 한다	N
소프트웨어	품질	QUR	-002	여기저기 잡은 사진을 모류로 초고되었을 재석적 할 정보, 장시 UI 동일한 부정화면을 구현한다	N
소프트웨어	품질	QUR	-003	장애 발생 시에 내 이미지 어디다 발생을 작한다	N
소프트웨어	품질	QUR	-004	키오스크는 사용자 교체가 참아전 인식해 내무는 후 합를 할 수 없을 경우 할 발생 점 정보도 알 수 있게 한다	N
소프트웨어	품질	QUR	-005	키오스크 내가 하드웨어 장치 문제 상태를 1초 이내로 확인할 수 있어야한다	N
소프트웨어	품질	QUR	-006	키오스크는 동작 요소를 감지하고, 부트 오류 순환 성 확인한다	N
소프트웨어	품질	QUR	-007	결제가 발생할 정형 경우를 부조크, 코로가 결제 결과 등록하도록 반응 정확히 할 수 있도록 긴급 정확해야한다	N
소프트웨어	품질	QUR	-008	키오스크는 전시 사간 설정 시 1분 내에 밝아진 수 다 방 이 보아 필드를 결과한다	N
소프트웨어	보안	SER	-001	키오스크는 외부 침입을 보호하기 위한 방식 장치를 구현한다	N
소프트웨어	보안	SER	-002	키오스크에서는 MW/SW 유입을 차단을 만들기 위한 통신 키오스크 차원 이뤄지도록 요구한다	N
소프트웨어	보안	SER	-003	네트워크가 인결되어 있지 않을 경우 키오스크가 동작하지 않도록 한다	N
소프트웨어	보안	SER	-004	키오스크의 프로그램 당은 포트 과 목을 공급 한 통해서만 전 네트워크 접근을 확인할 수 있다	N
소프트웨어	보안	SER	-005	직원은 보안 사항의 정책은 포함 책임을 갖는다	N
소프트웨어	보안	SER	-006	당사용 보안 교육 및 진행을 주기적으로 시행한다	N
소프트웨어	보안	SER	-007	모든 카드 정보를 모두 최단 정보 1차 정원 저장한다	N
소프트웨어	보안	SER	-008	모든 통신의 식 암호화 전송 제어하는 통신 권한이다	N
소프트웨어	보안	SER	-009	보안 프로그램의 업데이트는 정생 계한하기 위해 키오스크의 보안 프로그램을 설치한다	N
소프트웨어	제약 사항	COR	-001	안전성 테스트를 사용하고, 문제가 있을 경우 프로젝트를 진행한다	N
소프트웨어	프로젝트 관리 요구	PMR	-001	프로젝트 진행 상황에서 정기 보고를 시행한다	N
소프트웨어	프로젝트 지원 요구	PSR	-001	프로젝트 진행 상황에 대해 특정 진척 상황을 보고한다	N
소프트웨어	프로젝트 지원 요구	PSR	-002	가상사사례로어가 제공에 참시한 지원은 없다	N
